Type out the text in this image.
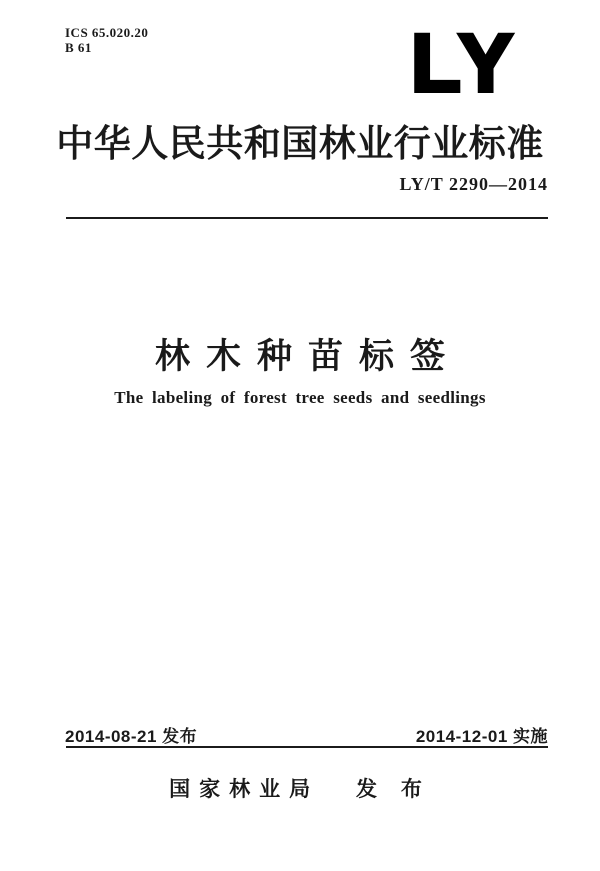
ICS 65.020.20
B 61	LY
中华人民共和国林业行业标准
LY/T 2290—2014
林木种苗标签
The labeling of forest tree seeds and seedlings
2014-08-21 发布	2014-12-01 实施
国家林业局 发 布
